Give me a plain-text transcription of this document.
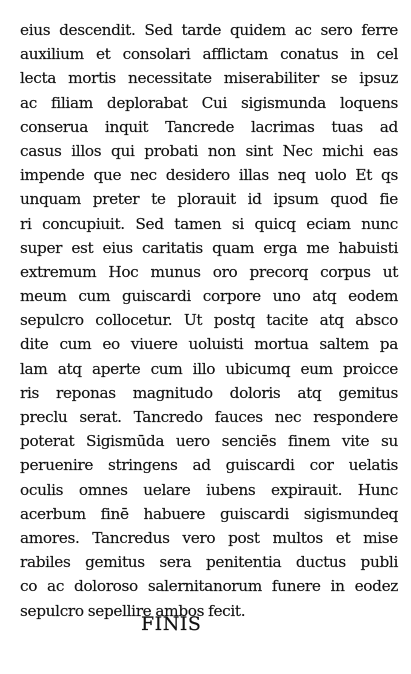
eius descendit. Sed tarde quidem ac sero ferre
auxilium et consolari afflictam conatus in cel
lecta mortis necessitate miserabiliter se ipsuz
ac filiam deplorabat Cui sigismunda loquens
conserua inquit Tancrede lacrimas tuas ad
casus illos qui probati non sint Nec michi eas
impende que nec desidero illas neq uolo Et qs
unquam preter te plorauit id ipsum quod fie
ri concupiuit. Sed tamen si quicq eciam nunc
super est eius caritatis quam erga me habuisti
extremum Hoc munus oro precorq corpus ut
meum cum guiscardi corpore uno atq eodem
sepulcro collocetur. Ut postq tacite atq absco
dite cum eo viuere uoluisti mortua saltem pa
lam atq aperte cum illo ubicumq eum proicce
ris reponas magnitudo doloris atq gemitus
preclu serat. Tancredo fauces nec respondere
poterat Sigismūda uero senciēs finem vite su
peruenire stringens ad guiscardi cor uelatis
oculis omnes uelare iubens expirauit. Hunc
acerbum finē habuere guiscardi sigismundeq
amores. Tancredus vero post multos et mise
rabiles gemitus sera penitentia ductus publi
co ac doloroso salernitanorum funere in eodez
sepulcro sepellire ambos fecit.
FINIS
